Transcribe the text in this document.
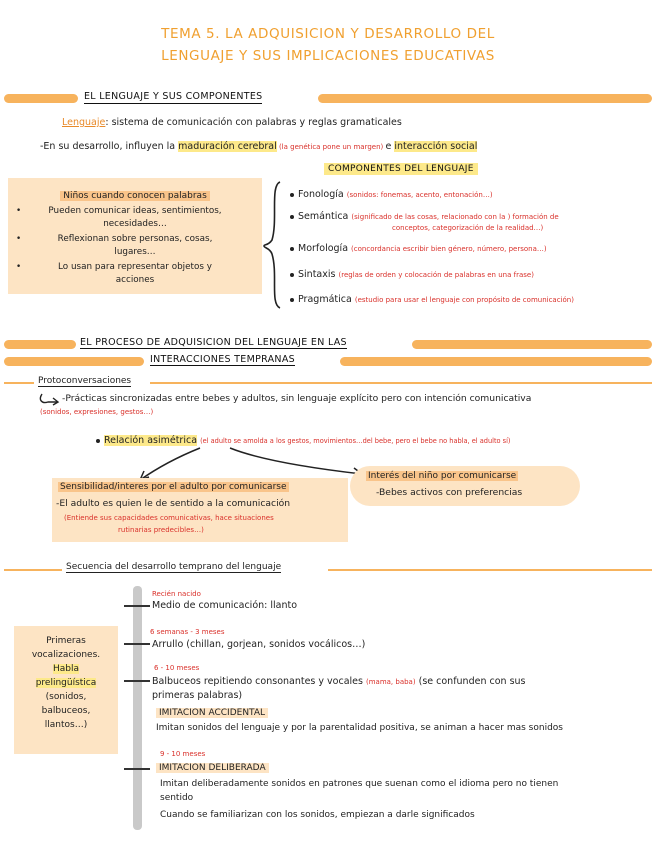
TEMA 5. LA ADQUISICION Y DESARROLLO DEL
LENGUAJE Y SUS IMPLICACIONES EDUCATIVAS
EL LENGUAJE Y SUS COMPONENTES
Lenguaje: sistema de comunicación con palabras y reglas gramaticales
-En su desarrollo, influyen la maduración cerebral (la genética pone un margen) e interacción social
COMPONENTES DEL LENGUAJE
Niños cuando conocen palabras
•	Pueden comunicar ideas, sentimientos,
necesidades…
•	Reflexionan sobre personas, cosas,
lugares…
•	Lo usan para representar objetos y
acciones
Fonología (sonidos: fonemas, acento, entonación…)
Semántica (significado de las cosas, relacionado con la ) formación de
conceptos, categorización de la realidad…)
Morfología (concordancia escribir bien género, número, persona…)
Sintaxis (reglas de orden y colocación de palabras en una frase)
Pragmática (estudio para usar el lenguaje con propósito de comunicación)
EL PROCESO DE ADQUISICION DEL LENGUAJE EN LAS
INTERACCIONES TEMPRANAS
Protoconversaciones
-Prácticas sincronizadas entre bebes y adultos, sin lenguaje explícito pero con intención comunicativa
(sonidos, expresiones, gestos…)
Relación asimétrica (el adulto se amolda a los gestos, movimientos…del bebe, pero el bebe no habla, el adulto sí)
Sensibilidad/interes por el adulto por comunicarse
-El adulto es quien le de sentido a la comunicación
(Entiende sus capacidades comunicativas, hace situaciones
rutinarias predecibles…)
Interés del niño por comunicarse
-Bebes activos con preferencias
Secuencia del desarrollo temprano del lenguaje
Primeras
vocalizaciones.
Habla
prelingüística
(sonidos,
balbuceos,
llantos…)
Recién nacido
Medio de comunicación: llanto
6 semanas - 3 meses
Arrullo (chillan, gorjean, sonidos vocálicos…)
6 - 10 meses
Balbuceos repitiendo consonantes y vocales (mama, baba) (se confunden con sus
primeras palabras)
IMITACION ACCIDENTAL
Imitan sonidos del lenguaje y por la parentalidad positiva, se animan a hacer mas sonidos
9 - 10 meses
IMITACION DELIBERADA
Imitan deliberadamente sonidos en patrones que suenan como el idioma pero no tienen
sentido
Cuando se familiarizan con los sonidos, empiezan a darle significados
